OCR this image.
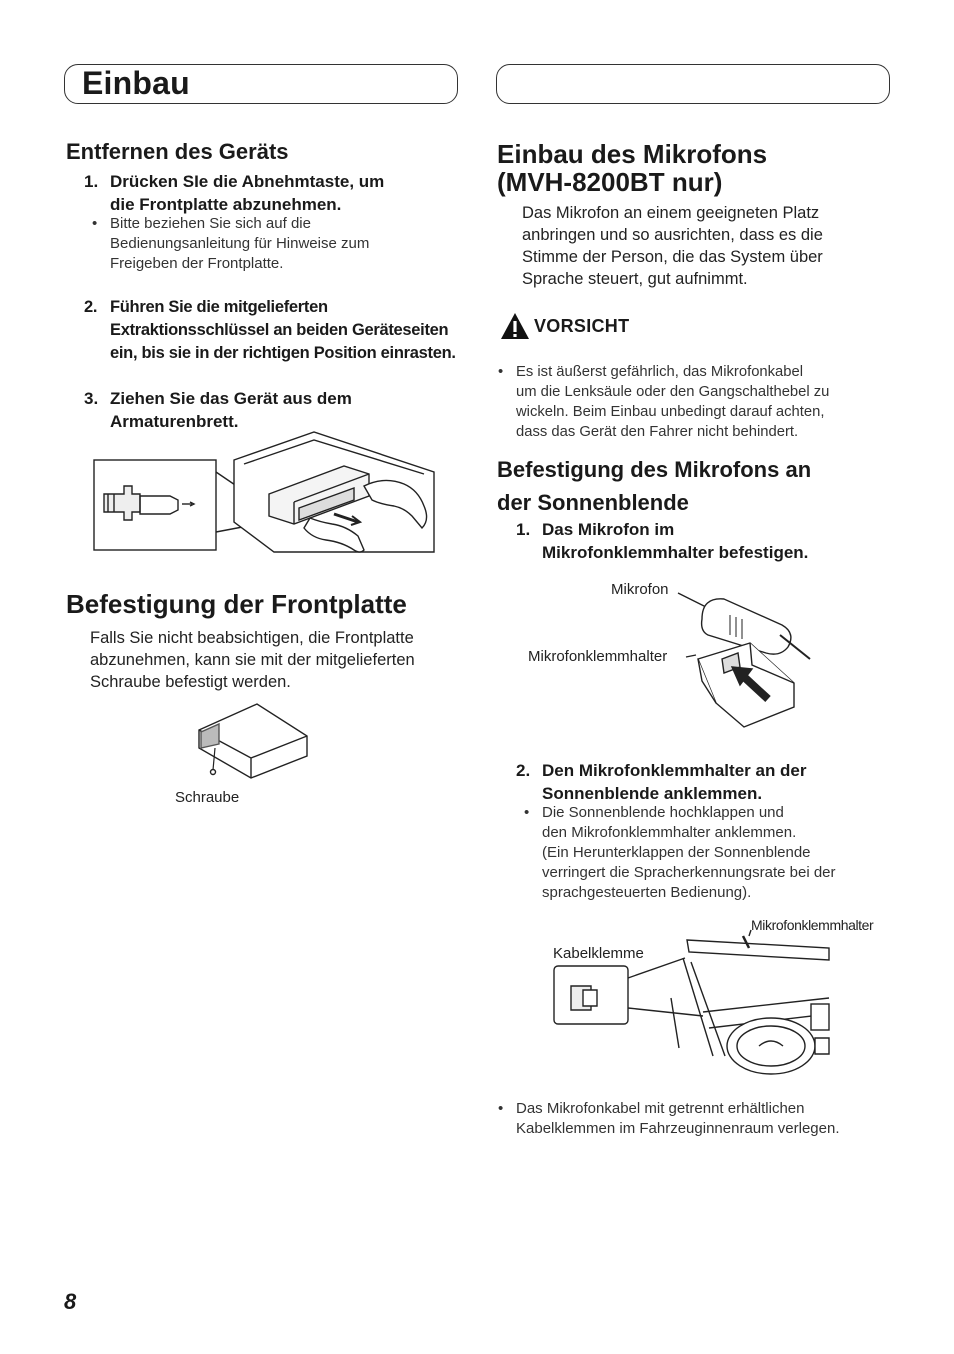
Einbau
Entfernen des Geräts
1. Drücken SIe die Abnehmtaste, um
die Frontplatte abzunehmen.
• Bitte beziehen Sie sich auf die
Bedienungsanleitung für Hinweise zum
Freigeben der Frontplatte.
2. Führen Sie die mitgelieferten
Extraktionsschlüssel an beiden Geräteseiten
ein, bis sie in der richtigen Position einrasten.
3. Ziehen Sie das Gerät aus dem
Armaturenbrett.
Befestigung der Frontplatte
Falls Sie nicht beabsichtigen, die Frontplatte
abzunehmen, kann sie mit der mitgelieferten
Schraube befestigt werden.
Schraube
Einbau des Mikrofons
(MVH-8200BT nur)
Das Mikrofon an einem geeigneten Platz
anbringen und so ausrichten, dass es die
Stimme der Person, die das System über
Sprache steuert, gut aufnimmt.
VORSICHT
• Es ist äußerst gefährlich, das Mikrofonkabel
um die Lenksäule oder den Gangschalthebel zu
wickeln. Beim Einbau unbedingt darauf achten,
dass das Gerät den Fahrer nicht behindert.
Befestigung des Mikrofons an
der Sonnenblende
1. Das Mikrofon im
Mikrofonklemmhalter befestigen.
Mikrofon
Mikrofonklemmhalter
2. Den Mikrofonklemmhalter an der
Sonnenblende anklemmen.
• Die Sonnenblende hochklappen und
den Mikrofonklemmhalter anklemmen.
(Ein Herunterklappen der Sonnenblende
verringert die Spracherkennungsrate bei der
sprachgesteuerten Bedienung).
Mikrofonklemmhalter
Kabelklemme
• Das Mikrofonkabel mit getrennt erhältlichen
Kabelklemmen im Fahrzeuginnenraum verlegen.
8
